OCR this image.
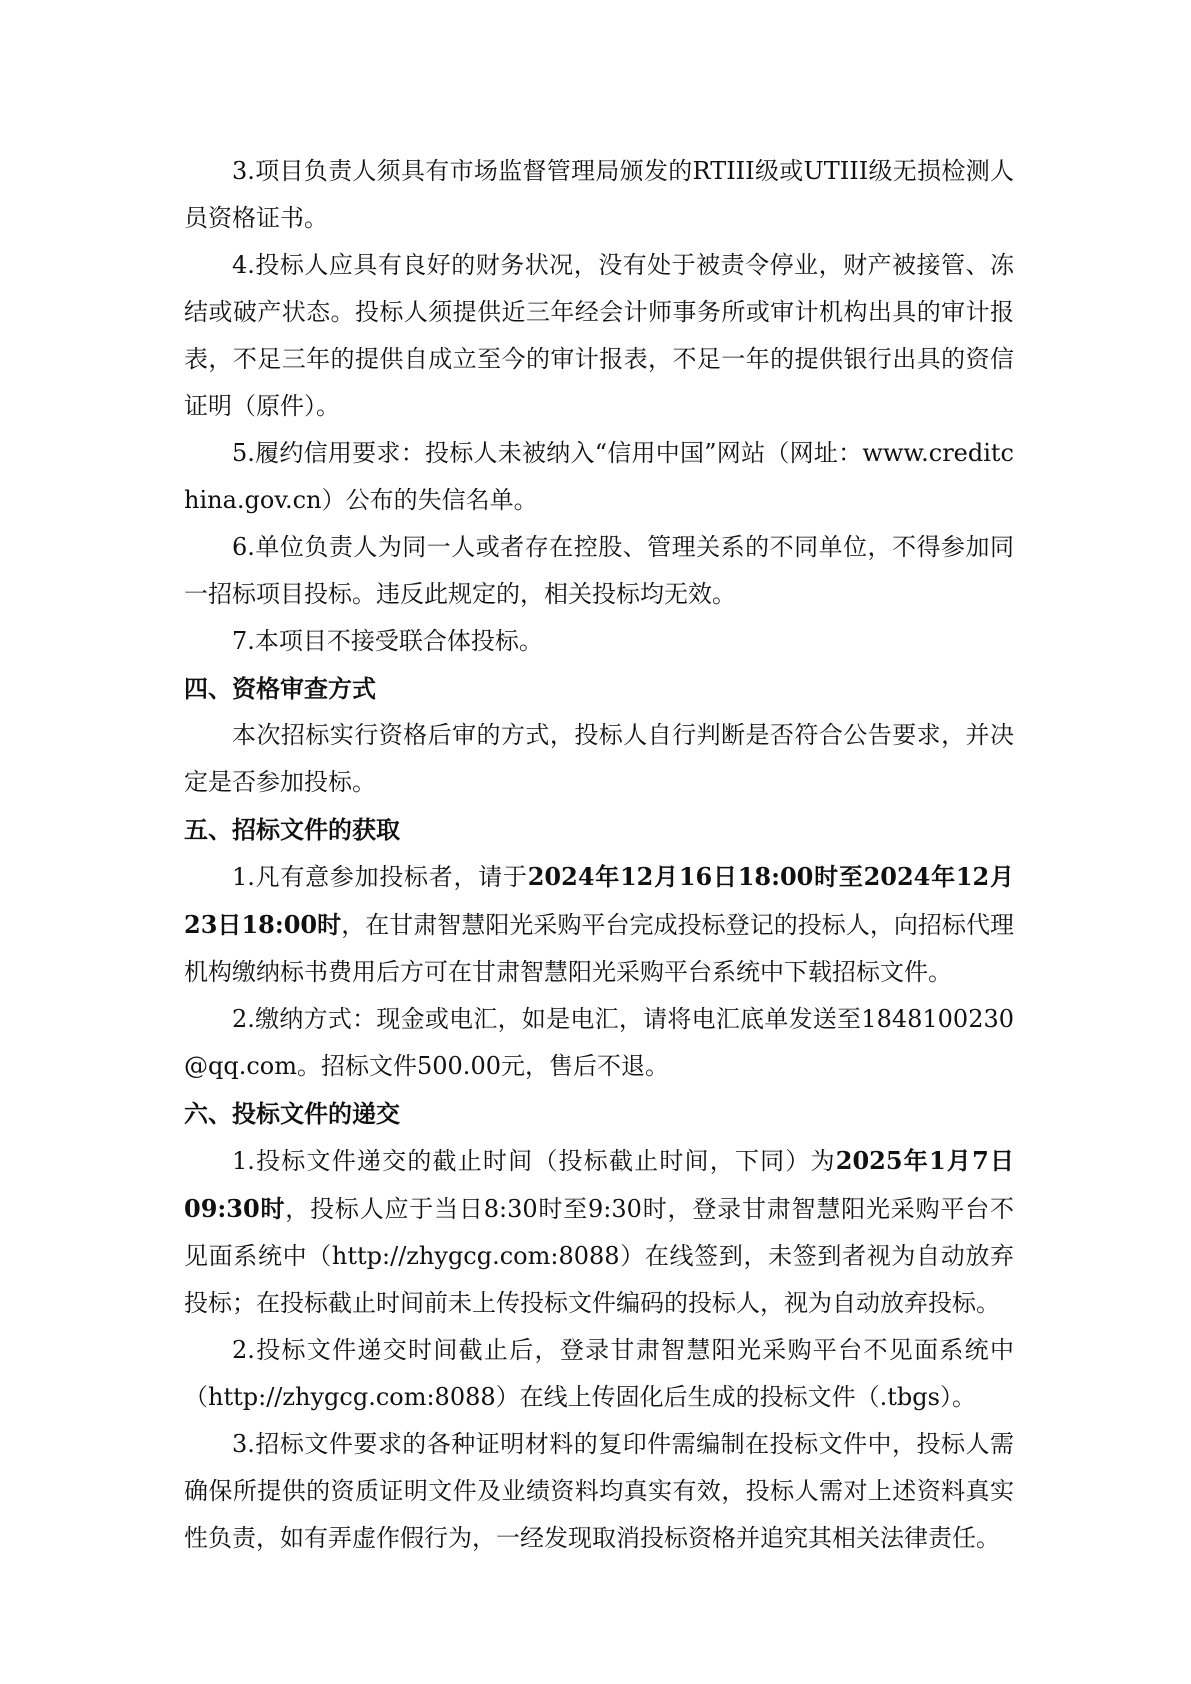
3.项目负责人须具有市场监督管理局颁发的RTIII级或UTIII级无损检测人员资格证书。

4.投标人应具有良好的财务状况，没有处于被责令停业，财产被接管、冻结或破产状态。投标人须提供近三年经会计师事务所或审计机构出具的审计报表，不足三年的提供自成立至今的审计报表，不足一年的提供银行出具的资信证明（原件）。

5.履约信用要求：投标人未被纳入“信用中国”网站（网址：www.creditchina.gov.cn）公布的失信名单。

6.单位负责人为同一人或者存在控股、管理关系的不同单位，不得参加同一招标项目投标。违反此规定的，相关投标均无效。

7.本项目不接受联合体投标。

四、资格审查方式

本次招标实行资格后审的方式，投标人自行判断是否符合公告要求，并决定是否参加投标。

五、招标文件的获取

1.凡有意参加投标者，请于2024年12月16日18:00时至2024年12月23日18:00时，在甘肃智慧阳光采购平台完成投标登记的投标人，向招标代理机构缴纳标书费用后方可在甘肃智慧阳光采购平台系统中下载招标文件。

2.缴纳方式：现金或电汇，如是电汇，请将电汇底单发送至1848100230@qq.com。招标文件500.00元，售后不退。

六、投标文件的递交

1.投标文件递交的截止时间（投标截止时间，下同）为2025年1月7日09:30时，投标人应于当日8:30时至9:30时，登录甘肃智慧阳光采购平台不见面系统中（http://zhygcg.com:8088）在线签到，未签到者视为自动放弃投标；在投标截止时间前未上传投标文件编码的投标人，视为自动放弃投标。

2.投标文件递交时间截止后，登录甘肃智慧阳光采购平台不见面系统中（http://zhygcg.com:8088）在线上传固化后生成的投标文件（.tbgs）。

3.招标文件要求的各种证明材料的复印件需编制在投标文件中，投标人需确保所提供的资质证明文件及业绩资料均真实有效，投标人需对上述资料真实性负责，如有弄虚作假行为，一经发现取消投标资格并追究其相关法律责任。
